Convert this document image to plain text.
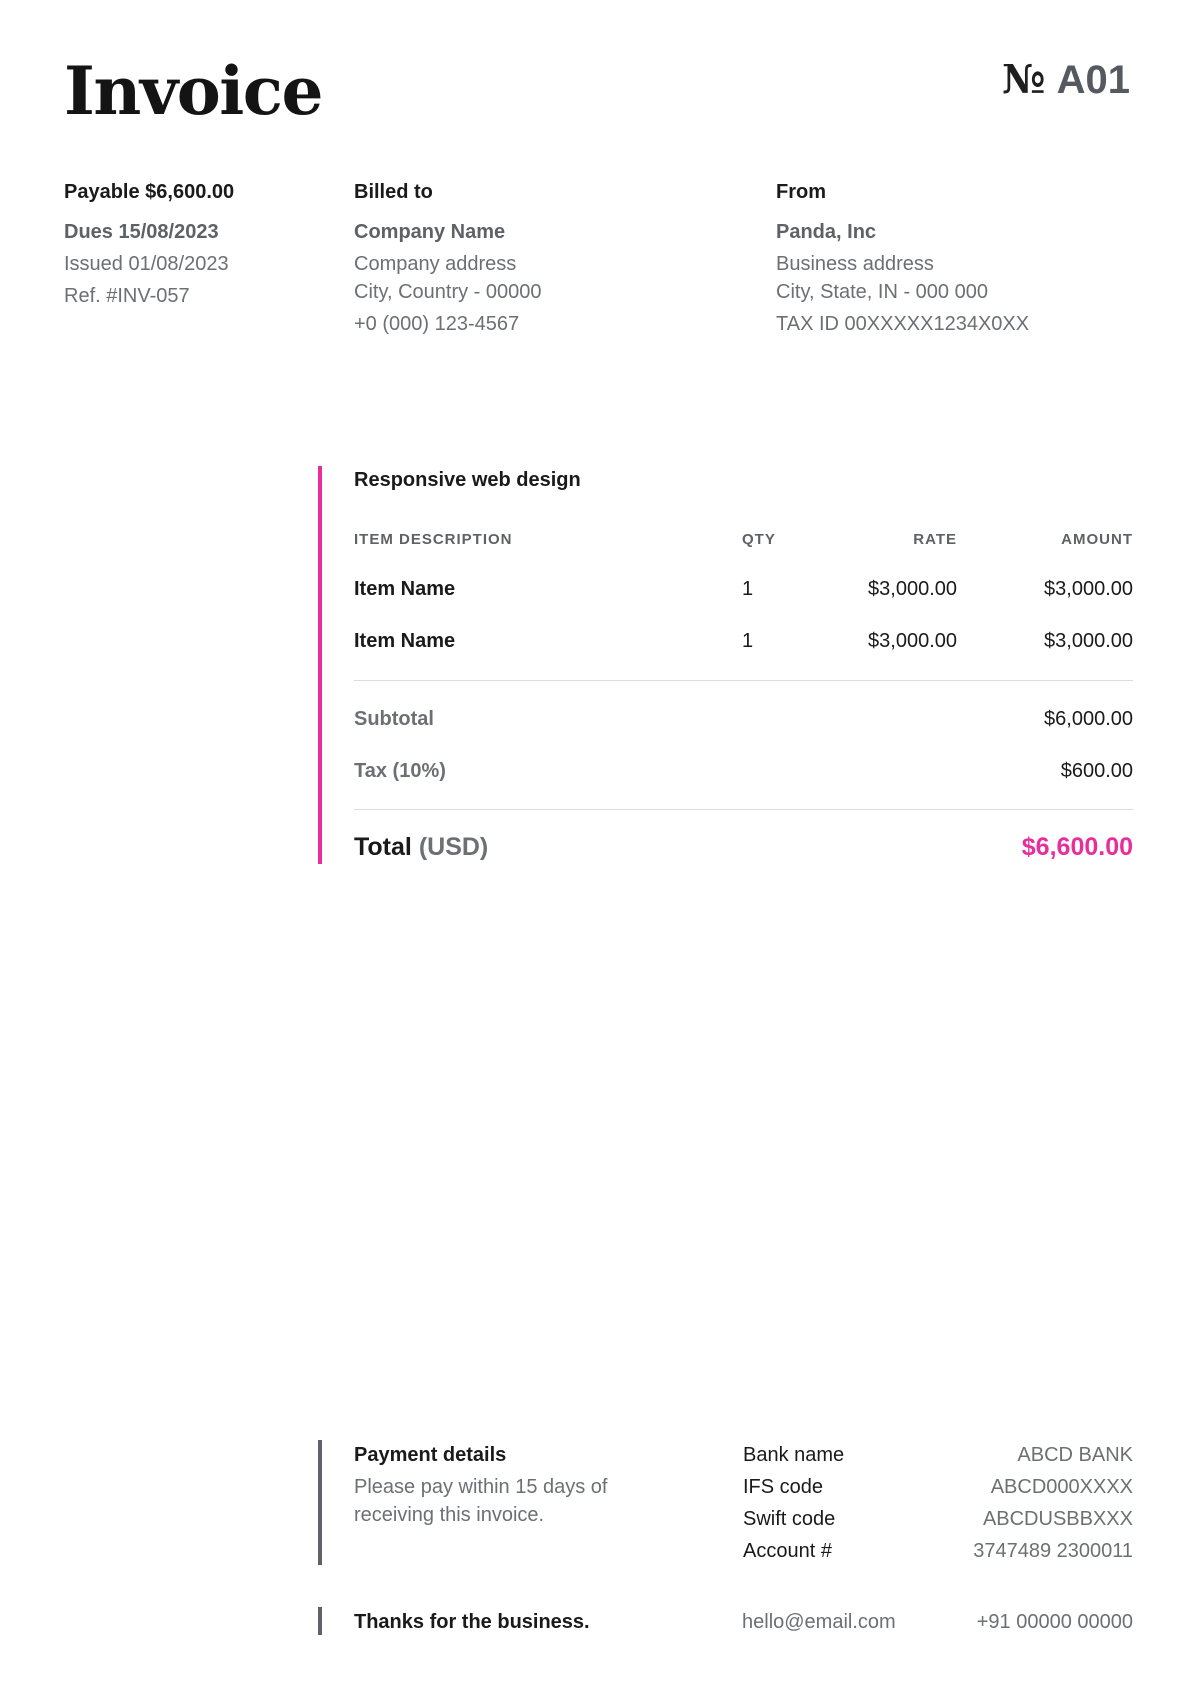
Invoice	№ A01
Payable $6,600.00
Dues 15/08/2023
Issued 01/08/2023
Ref. #INV-057
Billed to
Company Name
Company address
City, Country - 00000
+0 (000) 123-4567
From
Panda, Inc
Business address
City, State, IN - 000 000
TAX ID 00XXXXX1234X0XX
Responsive web design
ITEM DESCRIPTION	QTY	RATE	AMOUNT
Item Name	1	$3,000.00	$3,000.00
Item Name	1	$3,000.00	$3,000.00
Subtotal	$6,000.00
Tax (10%)	$600.00
Total (USD)	$6,600.00
Payment details
Please pay within 15 days of
receiving this invoice.
Bank name	ABCD BANK
IFS code	ABCD000XXXX
Swift code	ABCDUSBBXXX
Account #	3747489 2300011
Thanks for the business.	hello@email.com	+91 00000 00000
